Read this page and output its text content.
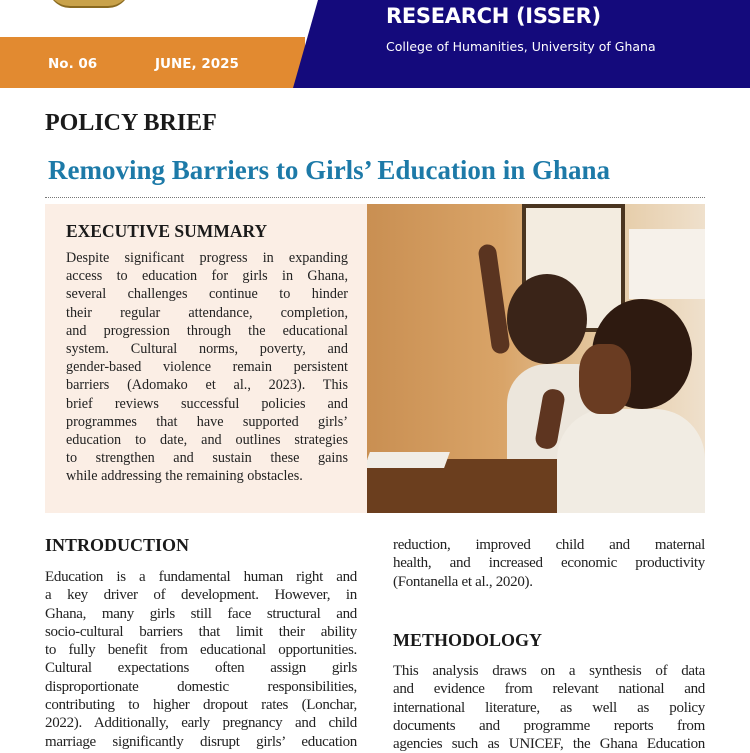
RESEARCH (ISSER)
College of Humanities, University of Ghana
No. 06	JUNE, 2025
POLICY BRIEF
Removing Barriers to Girls’ Education in Ghana
EXECUTIVE SUMMARY
Despite significant progress in expanding
access to education for girls in Ghana,
several challenges continue to hinder
their regular attendance, completion,
and progression through the educational
system. Cultural norms, poverty, and
gender-based violence remain persistent
barriers (Adomako et al., 2023). This
brief reviews successful policies and
programmes that have supported girls’
education to date, and outlines strategies
to strengthen and sustain these gains
while addressing the remaining obstacles.
INTRODUCTION
Education is a fundamental human right and
a key driver of development. However, in
Ghana, many girls still face structural and
socio-cultural barriers that limit their ability
to fully benefit from educational opportunities.
Cultural expectations often assign girls
disproportionate domestic responsibilities,
contributing to higher dropout rates (Lonchar,
2022). Additionally, early pregnancy and child
marriage significantly disrupt girls’ education
reduction, improved child and maternal
health, and increased economic productivity
(Fontanella et al., 2020).
METHODOLOGY
This analysis draws on a synthesis of data
and evidence from relevant national and
international literature, as well as policy
documents and programme reports from
agencies such as UNICEF, the Ghana Education
